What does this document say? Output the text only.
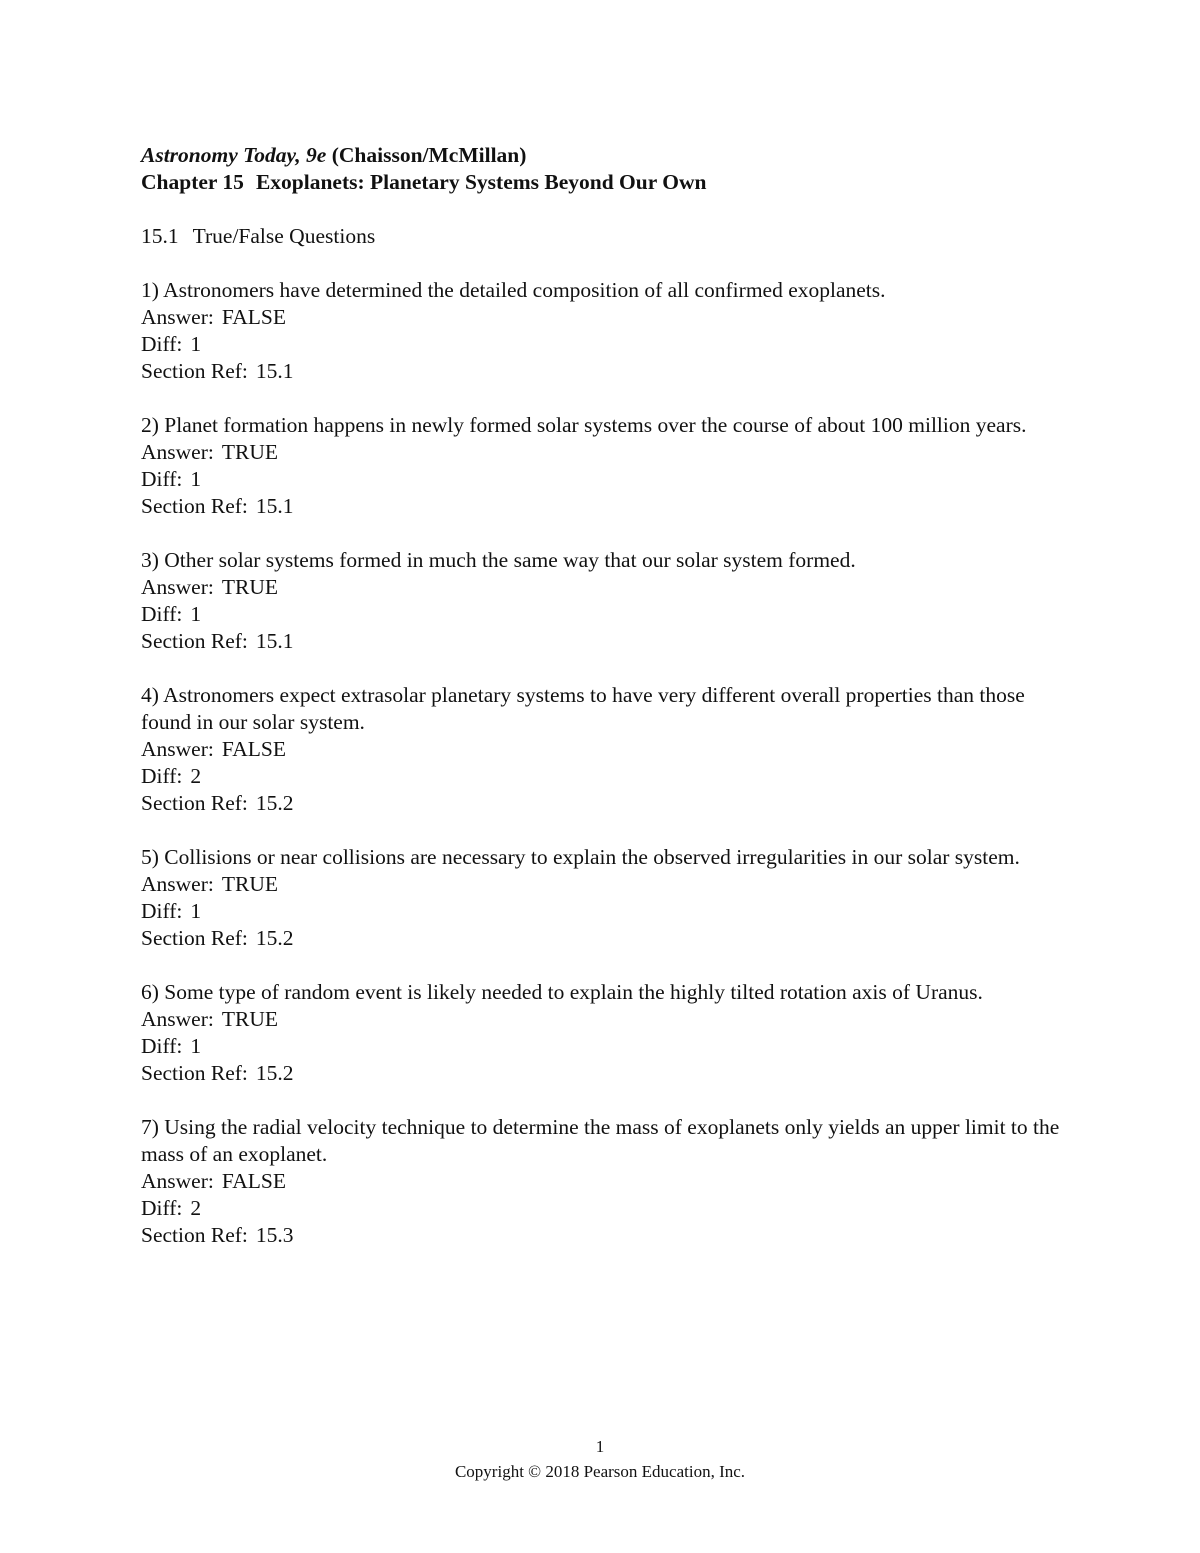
Astronomy Today, 9e (Chaisson/McMillan)

Chapter 15 Exoplanets: Planetary Systems Beyond Our Own

15.1 True/False Questions

1) Astronomers have determined the detailed composition of all confirmed exoplanets.

Answer: FALSE

Diff: 1

Section Ref: 15.1

2) Planet formation happens in newly formed solar systems over the course of about 100 million years.

Answer: TRUE

Diff: 1

Section Ref: 15.1

3) Other solar systems formed in much the same way that our solar system formed.

Answer: TRUE

Diff: 1

Section Ref: 15.1

4) Astronomers expect extrasolar planetary systems to have very different overall properties than those found in our solar system.

Answer: FALSE

Diff: 2

Section Ref: 15.2

5) Collisions or near collisions are necessary to explain the observed irregularities in our solar system.

Answer: TRUE

Diff: 1

Section Ref: 15.2

6) Some type of random event is likely needed to explain the highly tilted rotation axis of Uranus.

Answer: TRUE

Diff: 1

Section Ref: 15.2

7) Using the radial velocity technique to determine the mass of exoplanets only yields an upper limit to the mass of an exoplanet.

Answer: FALSE

Diff: 2

Section Ref: 15.3

1
Copyright © 2018 Pearson Education, Inc.
